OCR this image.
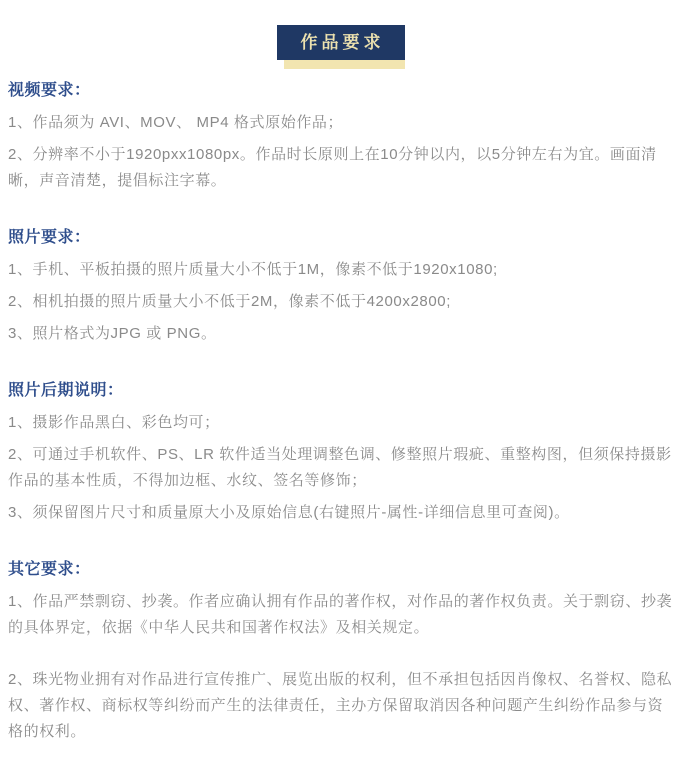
作品要求
视频要求：
1、作品须为 AVI、MOV、 MP4 格式原始作品；
2、分辨率不小于1920pxx1080px。作品时长原则上在10分钟以内，以5分钟左右为宜。画面清晰，声音清楚，提倡标注字幕。
照片要求：
1、手机、平板拍摄的照片质量大小不低于1M，像素不低于1920x1080;
2、相机拍摄的照片质量大小不低于2M，像素不低于4200x2800;
3、照片格式为JPG 或 PNG。
照片后期说明：
1、摄影作品黑白、彩色均可；
2、可通过手机软件、PS、LR 软件适当处理调整色调、修整照片瑕疵、重整构图，但须保持摄影作品的基本性质，不得加边框、水纹、签名等修饰；
3、须保留图片尺寸和质量原大小及原始信息(右键照片-属性-详细信息里可查阅)。
其它要求：
1、作品严禁剽窃、抄袭。作者应确认拥有作品的著作权，对作品的著作权负责。关于剽窃、抄袭的具体界定，依据《中华人民共和国著作权法》及相关规定。
2、珠光物业拥有对作品进行宣传推广、展览出版的权利，但不承担包括因肖像权、名誉权、隐私权、著作权、商标权等纠纷而产生的法律责任，主办方保留取消因各种问题产生纠纷作品参与资格的权利。
